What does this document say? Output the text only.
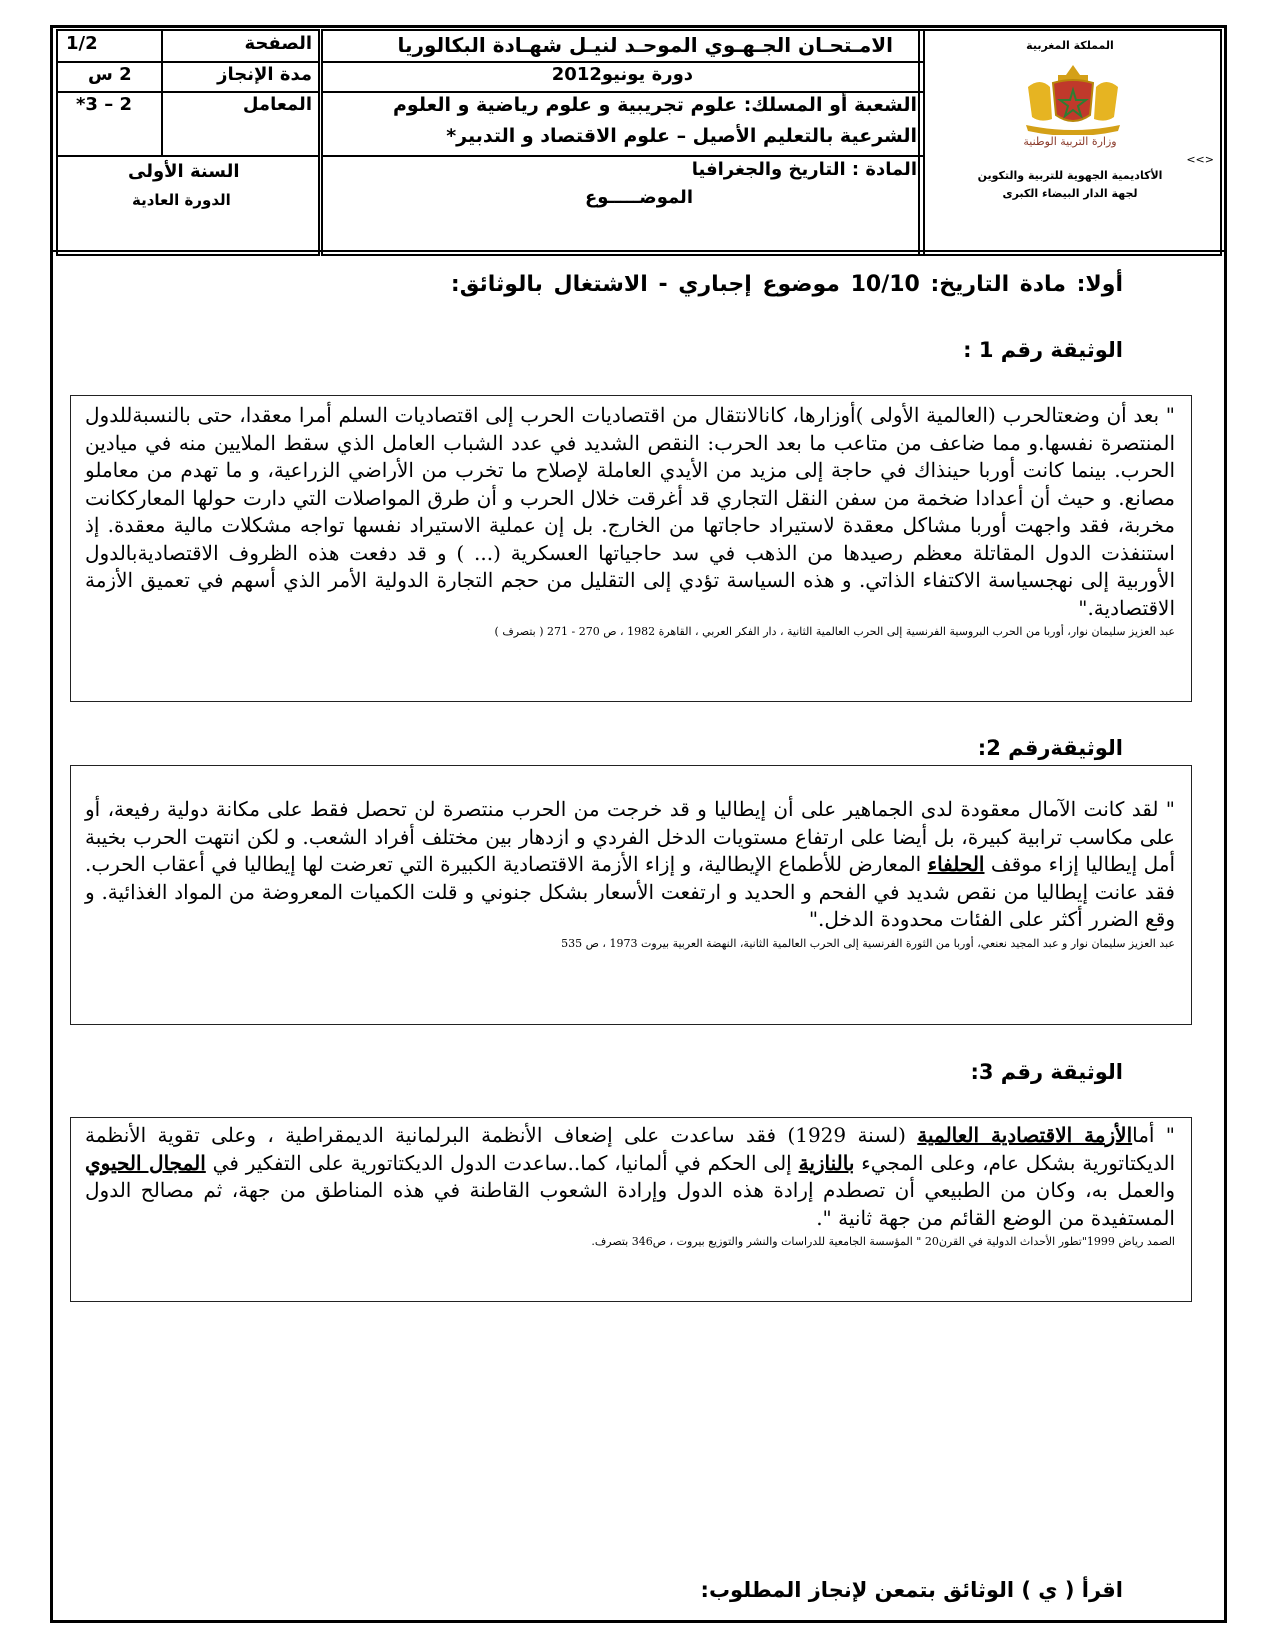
الصفحة
1/2
مدة الإنجاز
2 س
المعامل
2 – 3*
السنة الأولى
الدورة العادية
الامـتحـان الجـهـوي الموحـد لنيـل شهـادة البكالوريا
دورة يونيو2012
الشعبة أو المسلك: علوم تجريبية و علوم رياضية و العلوم
الشرعية بالتعليم الأصيل – علوم الاقتصاد و التدبير*
المادة : التاريخ والجغرافيا
الموضـــــوع
المملكة المغربية
وزارة التربية الوطنية
<<>
الأكاديمية الجهوية للتربية والتكوين
لجهة الدار البيضاء الكبرى
أولا: مادة التاريخ: 10/10 موضوع إجباري - الاشتغال بالوثائق:
الوثيقة رقم 1 :

" بعد أن وضعتالحرب (العالمية الأولى )أوزارها، كانالانتقال من اقتصاديات الحرب إلى اقتصاديات السلم أمرا معقدا، حتى بالنسبةللدول المنتصرة نفسها.و مما ضاعف من متاعب ما بعد الحرب: النقص الشديد في عدد الشباب العامل الذي سقط الملايين منه في ميادين الحرب. بينما كانت أوربا حينذاك في حاجة إلى مزيد من الأيدي العاملة لإصلاح ما تخرب من الأراضي الزراعية، و ما تهدم من معاملو مصانع. و حيث أن أعدادا ضخمة من سفن النقل التجاري قد أغرقت خلال الحرب و أن طرق المواصلات التي دارت حولها المعارككانت مخربة، فقد واجهت أوربا مشاكل معقدة لاستيراد حاجاتها من الخارج. بل إن عملية الاستيراد نفسها تواجه مشكلات مالية معقدة. إذ استنفذت الدول المقاتلة معظم رصيدها من الذهب في سد حاجياتها العسكرية (... ) و قد دفعت هذه الظروف الاقتصاديةبالدول الأوربية إلى نهجسياسة الاكتفاء الذاتي. و هذه السياسة تؤدي إلى التقليل من حجم التجارة الدولية الأمر الذي أسهم في تعميق الأزمة الاقتصادية."

عبد العزيز سليمان نوار، أوربا من الحرب البروسية الفرنسية إلى الحرب العالمية الثانية ، دار الفكر العربي ، القاهرة 1982 ، ص 270 - 271 ( بتصرف )
الوثيقةرقم 2:

" لقد كانت الآمال معقودة لدى الجماهير على أن إيطاليا و قد خرجت من الحرب منتصرة لن تحصل فقط على مكانة دولية رفيعة، أو على مكاسب ترابية كبيرة، بل أيضا على ارتفاع مستويات الدخل الفردي و ازدهار بين مختلف أفراد الشعب. و لكن انتهت الحرب بخيبة أمل إيطاليا إزاء موقف الحلفاء المعارض للأطماع الإيطالية، و إزاء الأزمة الاقتصادية الكبيرة التي تعرضت لها إيطاليا في أعقاب الحرب. فقد عانت إيطاليا من نقص شديد في الفحم و الحديد و ارتفعت الأسعار بشكل جنوني و قلت الكميات المعروضة من المواد الغذائية. و وقع الضرر أكثر على الفئات محدودة الدخل."

عبد العزيز سليمان نوار و عبد المجيد نعنعي، أوربا من الثورة الفرنسية إلى الحرب العالمية الثانية، النهضة العربية بيروت 1973 ، ص 535
الوثيقة رقم 3:

" أماالأزمة الاقتصادية العالمية (لسنة 1929) فقد ساعدت على إضعاف الأنظمة البرلمانية الديمقراطية ، وعلى تقوية الأنظمة الديكتاتورية بشكل عام، وعلى المجيء بالنازية إلى الحكم في ألمانيا، كما..ساعدت الدول الديكتاتورية على التفكير في المجال الحيوي والعمل به، وكان من الطبيعي أن تصطدم إرادة هذه الدول وإرادة الشعوب القاطنة في هذه المناطق من جهة، ثم مصالح الدول المستفيدة من الوضع القائم من جهة ثانية ".

الصمد رياض 1999"تطور الأحداث الدولية في القرن20 " المؤسسة الجامعية للدراسات والنشر والتوزيع بيروت ، ص346 بتصرف.
اقرأ ( ي ) الوثائق بتمعن لإنجاز المطلوب:
